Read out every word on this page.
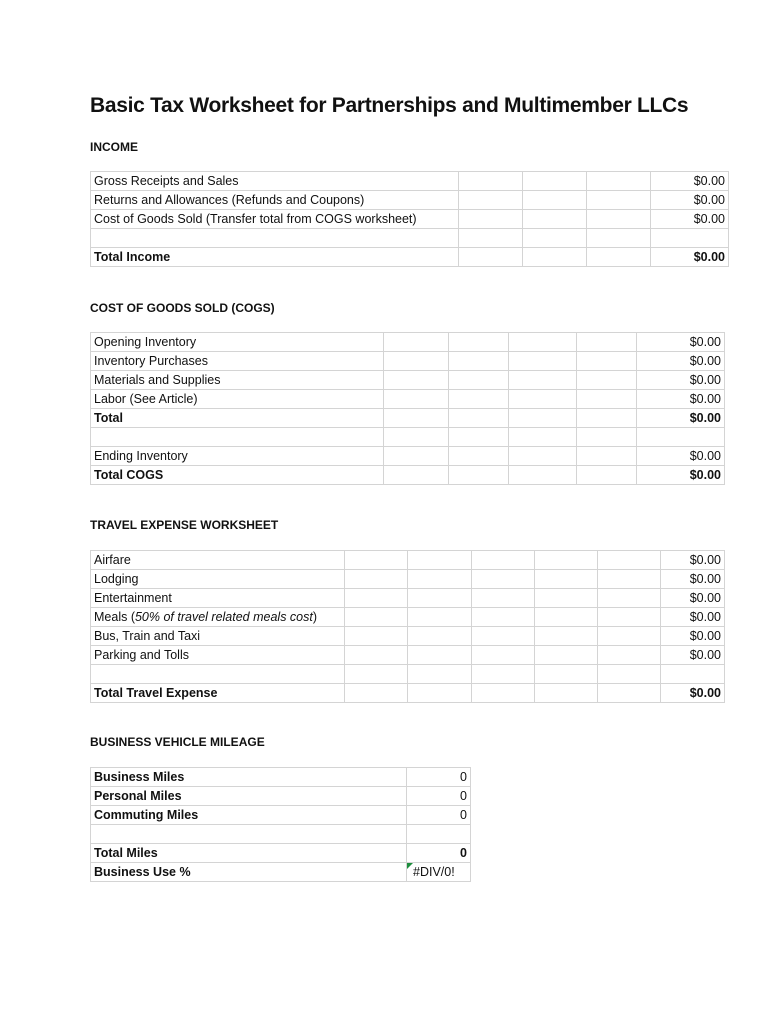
Basic Tax Worksheet for Partnerships and Multimember LLCs
INCOME
Gross Receipts and Sales				$0.00
Returns and Allowances (Refunds and Coupons)				$0.00
Cost of Goods Sold (Transfer total from COGS worksheet)				$0.00

Total Income				$0.00
COST OF GOODS SOLD (COGS)
Opening Inventory					$0.00
Inventory Purchases					$0.00
Materials and Supplies					$0.00
Labor (See Article)					$0.00
Total					$0.00

Ending Inventory					$0.00
Total COGS					$0.00
TRAVEL EXPENSE WORKSHEET
Airfare						$0.00
Lodging						$0.00
Entertainment						$0.00
Meals (50% of travel related meals cost)						$0.00
Bus, Train and Taxi						$0.00
Parking and Tolls						$0.00

Total Travel Expense						$0.00
BUSINESS VEHICLE MILEAGE
Business Miles	0
Personal Miles	0
Commuting Miles	0

Total Miles	0
Business Use %	#DIV/0!
